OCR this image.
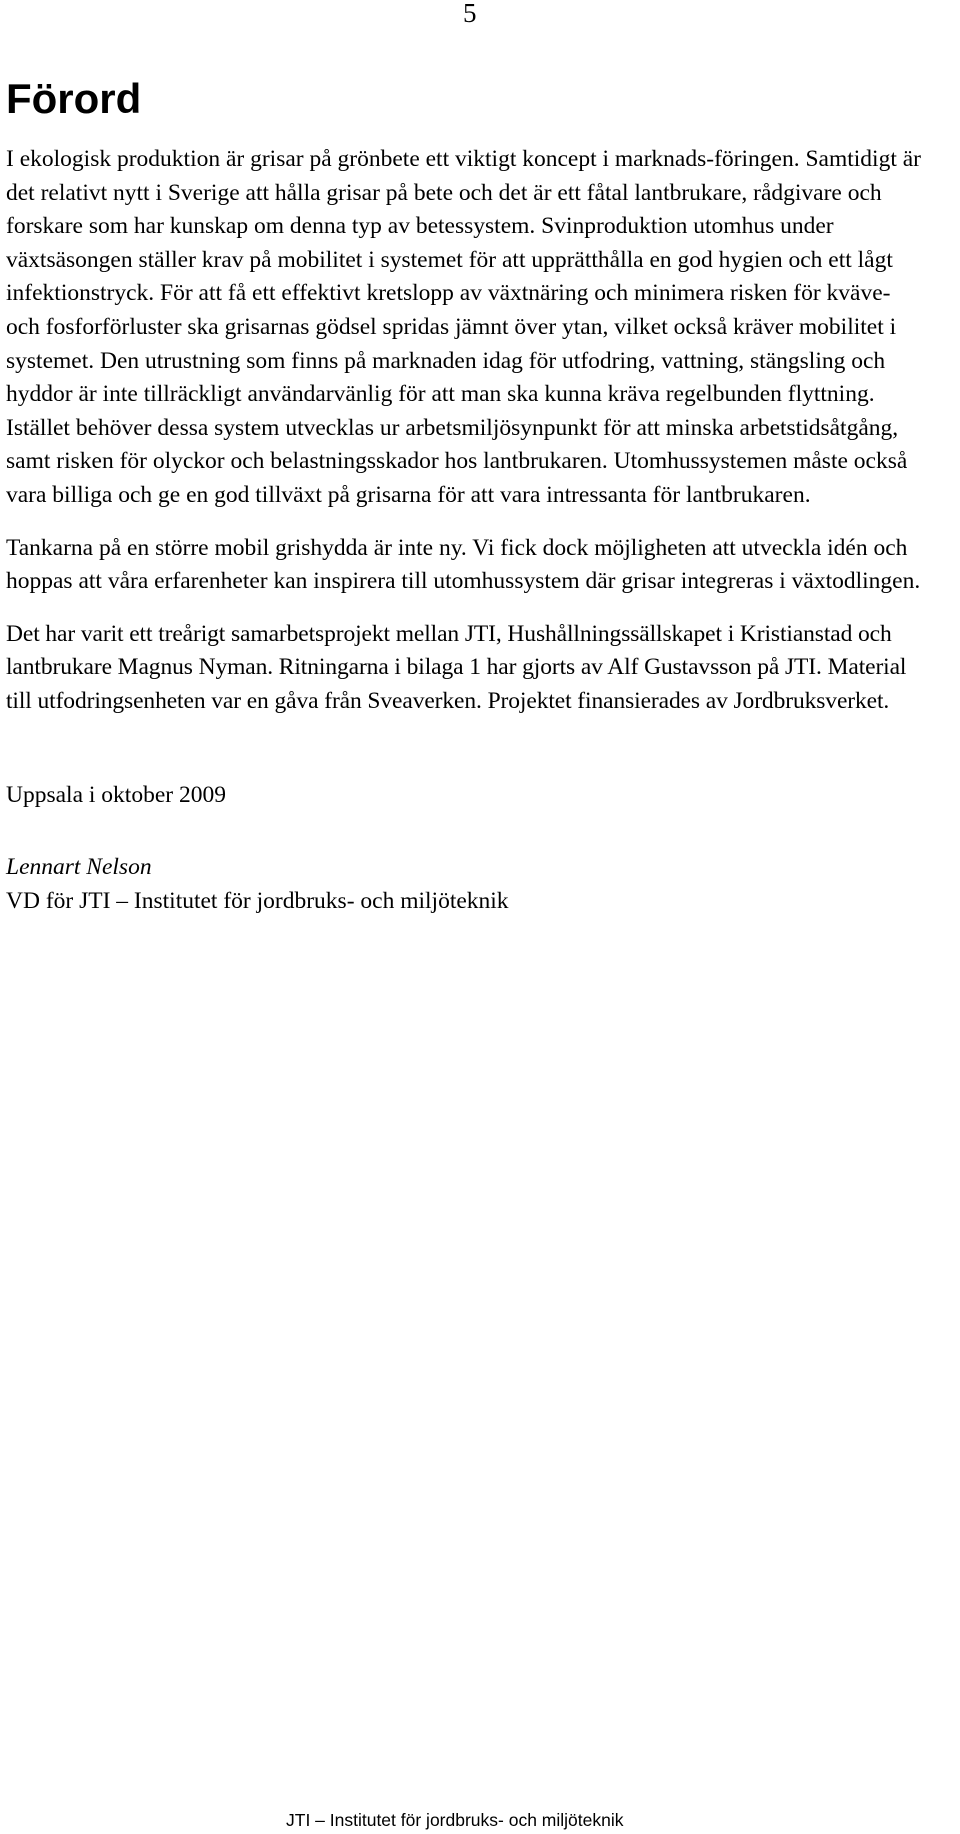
5
Förord

I ekologisk produktion är grisar på grönbete ett viktigt koncept i marknads-föringen. Samtidigt är det relativt nytt i Sverige att hålla grisar på bete och det är ett fåtal lantbrukare, rådgivare och forskare som har kunskap om denna typ av betessystem. Svinproduktion utomhus under växtsäsongen ställer krav på mobilitet i systemet för att upprätthålla en god hygien och ett lågt infektionstryck. För att få ett effektivt kretslopp av växtnäring och minimera risken för kväve- och fosforförluster ska grisarnas gödsel spridas jämnt över ytan, vilket också kräver mobilitet i systemet. Den utrustning som finns på marknaden idag för utfodring, vattning, stängsling och hyddor är inte tillräckligt användarvänlig för att man ska kunna kräva regelbunden flyttning. Istället behöver dessa system utvecklas ur arbetsmiljösynpunkt för att minska arbetstidsåtgång, samt risken för olyckor och belastningsskador hos lantbrukaren. Utomhussystemen måste också vara billiga och ge en god tillväxt på grisarna för att vara intressanta för lantbrukaren.

Tankarna på en större mobil grishydda är inte ny. Vi fick dock möjligheten att utveckla idén och hoppas att våra erfarenheter kan inspirera till utomhussystem där grisar integreras i växtodlingen.

Det har varit ett treårigt samarbetsprojekt mellan JTI, Hushållningssällskapet i Kristianstad och lantbrukare Magnus Nyman. Ritningarna i bilaga 1 har gjorts av Alf Gustavsson på JTI. Material till utfodringsenheten var en gåva från Sveaverken. Projektet finansierades av Jordbruksverket.

Uppsala i oktober 2009

Lennart Nelson

VD för JTI – Institutet för jordbruks- och miljöteknik

JTI – Institutet för jordbruks- och miljöteknik
